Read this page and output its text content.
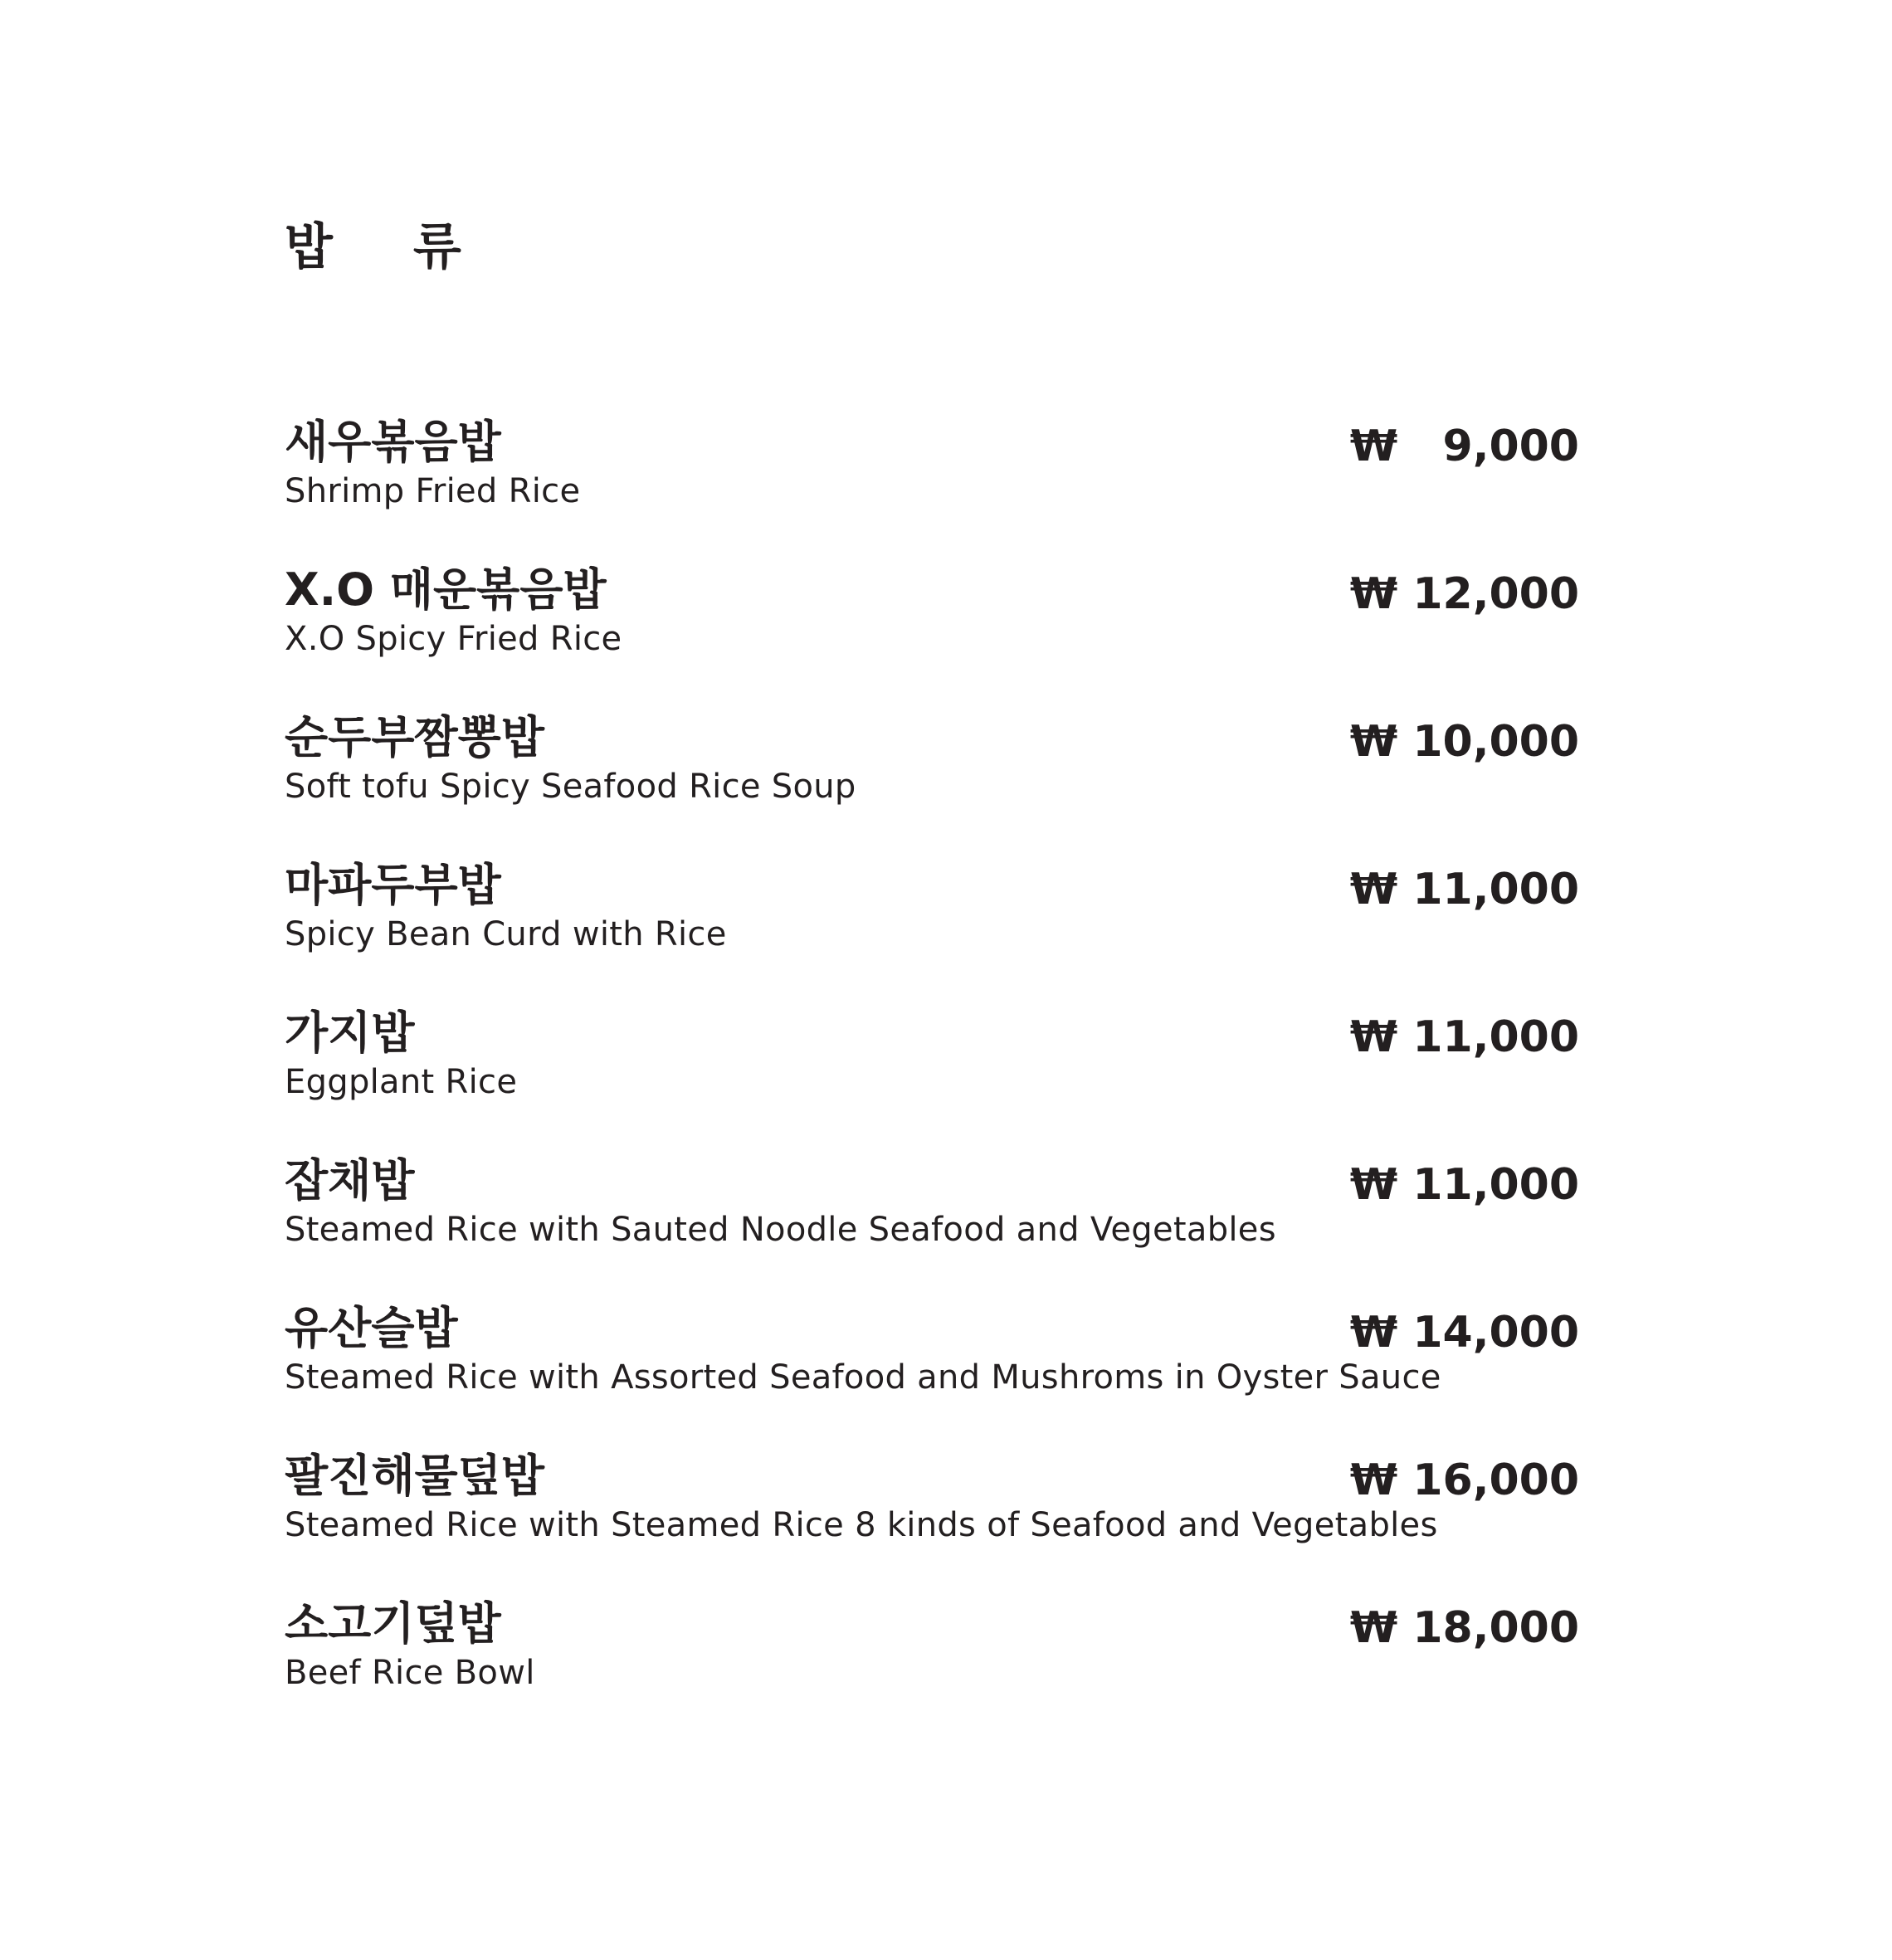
밥 류
새우볶음밥
Shrimp Fried Rice
₩   9,000
X.O 매운볶음밥
X.O Spicy Fried Rice
₩ 12,000
순두부짬뽕밥
Soft tofu Spicy Seafood Rice Soup
₩ 10,000
마파두부밥
Spicy Bean Curd with Rice
₩ 11,000
가지밥
Eggplant Rice
₩ 11,000
잡채밥
Steamed Rice with Sauted Noodle Seafood and Vegetables
₩ 11,000
유산슬밥
Steamed Rice with Assorted Seafood and Mushroms in Oyster Sauce
₩ 14,000
팔진해물덮밥
Steamed Rice with Steamed Rice 8 kinds of Seafood and Vegetables
₩ 16,000
소고기덮밥
Beef Rice Bowl
₩ 18,000
